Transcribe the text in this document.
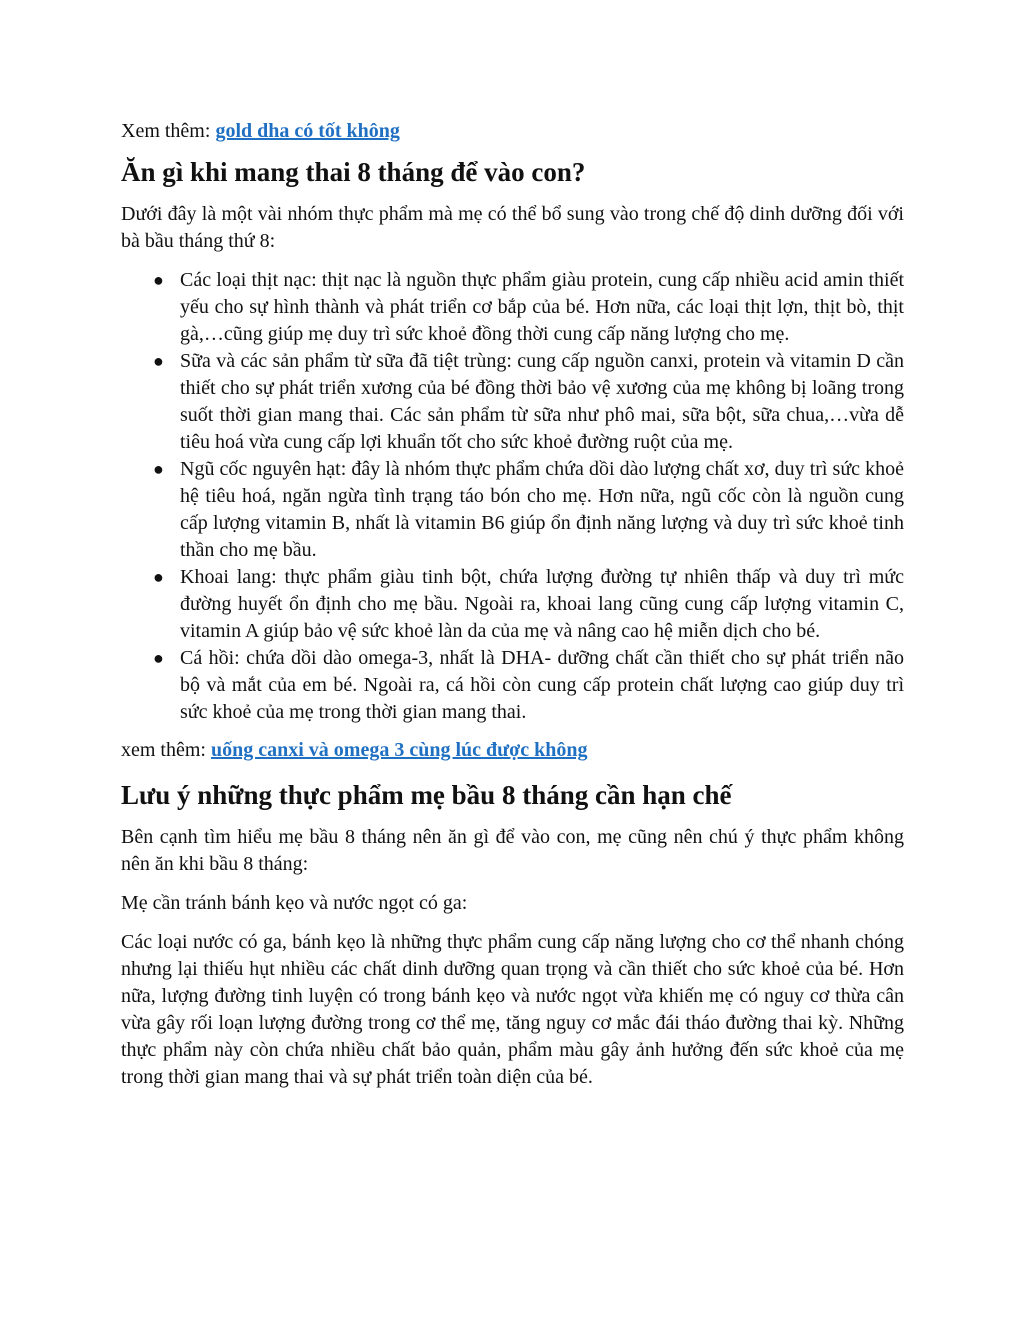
Xem thêm: gold dha có tốt không

Ăn gì khi mang thai 8 tháng để vào con?

Dưới đây là một vài nhóm thực phẩm mà mẹ có thể bổ sung vào trong chế độ dinh dưỡng đối với bà bầu tháng thứ 8:

● Các loại thịt nạc: thịt nạc là nguồn thực phẩm giàu protein, cung cấp nhiều acid amin thiết yếu cho sự hình thành và phát triển cơ bắp của bé. Hơn nữa, các loại thịt lợn, thịt bò, thịt gà,…cũng giúp mẹ duy trì sức khoẻ đồng thời cung cấp năng lượng cho mẹ.
● Sữa và các sản phẩm từ sữa đã tiệt trùng: cung cấp nguồn canxi, protein và vitamin D cần thiết cho sự phát triển xương của bé đồng thời bảo vệ xương của mẹ không bị loãng trong suốt thời gian mang thai. Các sản phẩm từ sữa như phô mai, sữa bột, sữa chua,…vừa dễ tiêu hoá vừa cung cấp lợi khuẩn tốt cho sức khoẻ đường ruột của mẹ.
● Ngũ cốc nguyên hạt: đây là nhóm thực phẩm chứa dồi dào lượng chất xơ, duy trì sức khoẻ hệ tiêu hoá, ngăn ngừa tình trạng táo bón cho mẹ. Hơn nữa, ngũ cốc còn là nguồn cung cấp lượng vitamin B, nhất là vitamin B6 giúp ổn định năng lượng và duy trì sức khoẻ tinh thần cho mẹ bầu.
● Khoai lang: thực phẩm giàu tinh bột, chứa lượng đường tự nhiên thấp và duy trì mức đường huyết ổn định cho mẹ bầu. Ngoài ra, khoai lang cũng cung cấp lượng vitamin C, vitamin A giúp bảo vệ sức khoẻ làn da của mẹ và nâng cao hệ miễn dịch cho bé.
● Cá hồi: chứa dồi dào omega-3, nhất là DHA- dưỡng chất cần thiết cho sự phát triển não bộ và mắt của em bé. Ngoài ra, cá hồi còn cung cấp protein chất lượng cao giúp duy trì sức khoẻ của mẹ trong thời gian mang thai.

xem thêm: uống canxi và omega 3 cùng lúc được không

Lưu ý những thực phẩm mẹ bầu 8 tháng cần hạn chế

Bên cạnh tìm hiểu mẹ bầu 8 tháng nên ăn gì để vào con, mẹ cũng nên chú ý thực phẩm không nên ăn khi bầu 8 tháng:

Mẹ cần tránh bánh kẹo và nước ngọt có ga:

Các loại nước có ga, bánh kẹo là những thực phẩm cung cấp năng lượng cho cơ thể nhanh chóng nhưng lại thiếu hụt nhiều các chất dinh dưỡng quan trọng và cần thiết cho sức khoẻ của bé. Hơn nữa, lượng đường tinh luyện có trong bánh kẹo và nước ngọt vừa khiến mẹ có nguy cơ thừa cân vừa gây rối loạn lượng đường trong cơ thể mẹ, tăng nguy cơ mắc đái tháo đường thai kỳ. Những thực phẩm này còn chứa nhiều chất bảo quản, phẩm màu gây ảnh hưởng đến sức khoẻ của mẹ trong thời gian mang thai và sự phát triển toàn diện của bé.
